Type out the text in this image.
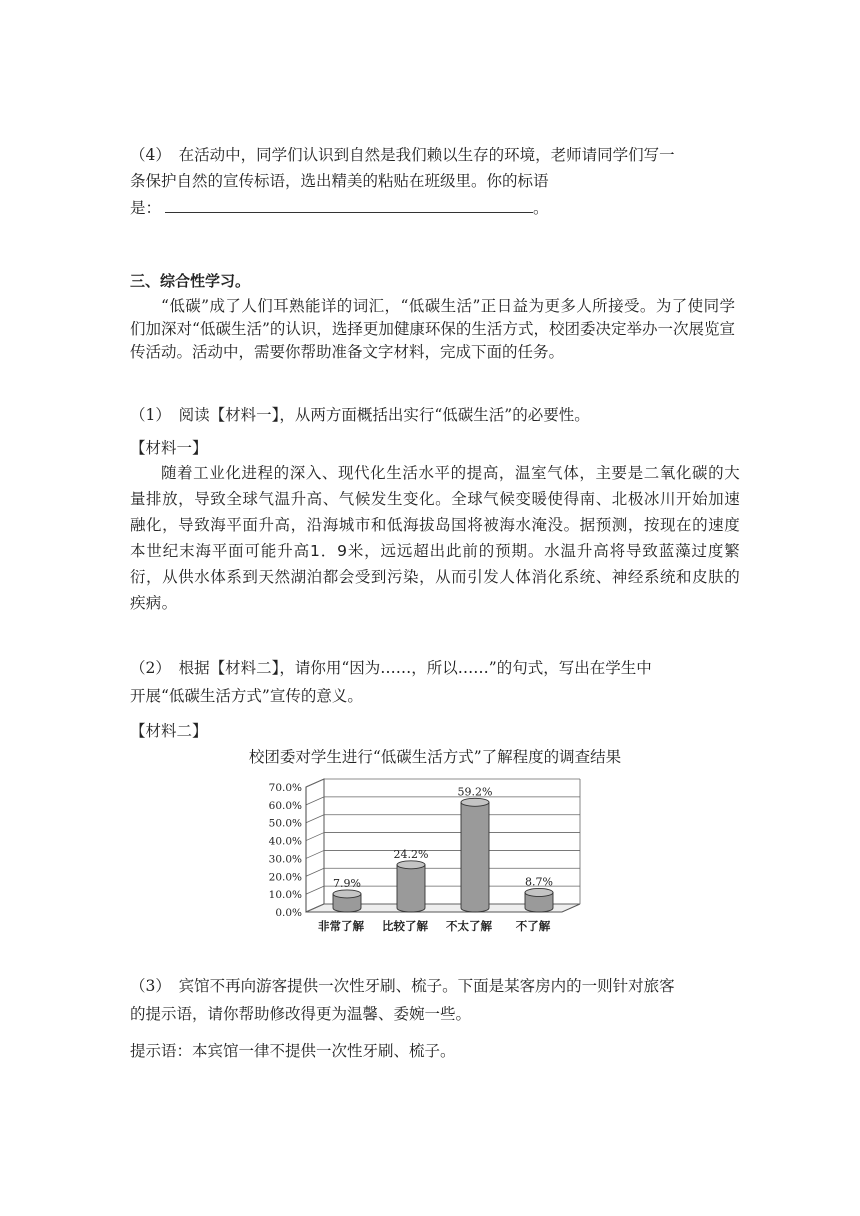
（4）　在活动中，同学们认识到自然是我们赖以生存的环境，老师请同学们写一
条保护自然的宣传标语，选出精美的粘贴在班级里。你的标语
是：	。
三、综合性学习。
“低碳”成了人们耳熟能详的词汇，“低碳生活”正日益为更多人所接受。为了使同学们加深对“低碳生活”的认识，选择更加健康环保的生活方式，校团委决定举办一次展览宣传活动。活动中，需要你帮助准备文字材料，完成下面的任务。
（1）　阅读【材料一】，从两方面概括出实行“低碳生活”的必要性。
【材料一】
随着工业化进程的深入、现代化生活水平的提高，温室气体，主要是二氧化碳的大量排放，导致全球气温升高、气候发生变化。全球气候变暖使得南、北极冰川开始加速融化，导致海平面升高，沿海城市和低海拔岛国将被海水淹没。据预测，按现在的速度本世纪末海平面可能升高1．9米，远远超出此前的预期。水温升高将导致蓝藻过度繁衍，从供水体系到天然湖泊都会受到污染，从而引发人体消化系统、神经系统和皮肤的疾病。
（2）　根据【材料二】，请你用“因为……，所以……”的句式，写出在学生中
开展“低碳生活方式”宣传的意义。
【材料二】
校团委对学生进行“低碳生活方式”了解程度的调查结果
0.0%
10.0%
20.0%
30.0%
40.0%
50.0%
60.0%
70.0%
7.9%
非常了解
24.2%
比较了解
59.2%
不太了解
8.7%
不了解
（3）　宾馆不再向游客提供一次性牙刷、梳子。下面是某客房内的一则针对旅客
的提示语，请你帮助修改得更为温馨、委婉一些。
提示语：本宾馆一律不提供一次性牙刷、梳子。
